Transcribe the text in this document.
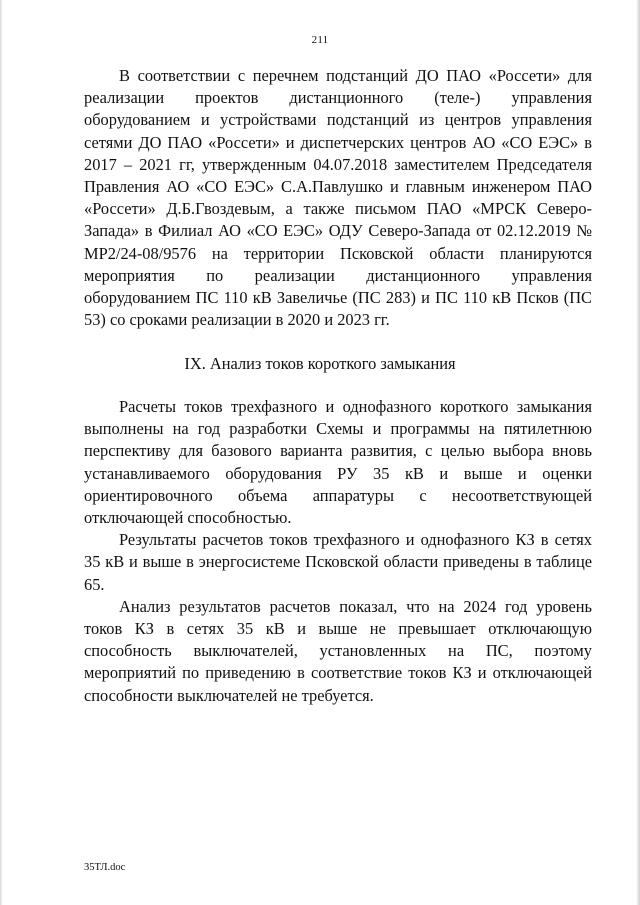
211

В соответствии с перечнем подстанций ДО ПАО «Россети» для реализации проектов дистанционного (теле-) управления оборудованием и устройствами подстанций из центров управления сетями ДО ПАО «Россети» и диспетчерских центров АО «СО ЕЭС» в 2017 – 2021 гг, утвержденным 04.07.2018 заместителем Председателя Правления АО «СО ЕЭС» С.А.Павлушко и главным инженером ПАО «Россети» Д.Б.Гвоздевым, а также письмом ПАО «МРСК Северо-Запада» в Филиал АО «СО ЕЭС» ОДУ Северо-Запада от 02.12.2019 № МР2/24-08/9576 на территории Псковской области планируются мероприятия по реализации дистанционного управления оборудованием ПС 110 кВ Завеличье (ПС 283) и ПС 110 кВ Псков (ПС 53) со сроками реализации в 2020 и 2023 гг.

IX. Анализ токов короткого замыкания

Расчеты токов трехфазного и однофазного короткого замыкания выполнены на год разработки Схемы и программы на пятилетнюю перспективу для базового варианта развития, с целью выбора вновь устанавливаемого оборудования РУ 35 кВ и выше и оценки ориентировочного объема аппаратуры с несоответствующей отключающей способностью.

Результаты расчетов токов трехфазного и однофазного КЗ в сетях 35 кВ и выше в энергосистеме Псковской области приведены в таблице 65.

Анализ результатов расчетов показал, что на 2024 год уровень токов КЗ в сетях 35 кВ и выше не превышает отключающую способность выключателей, установленных на ПС, поэтому мероприятий по приведению в соответствие токов КЗ и отключающей способности выключателей не требуется.

35ТЛ.doc
